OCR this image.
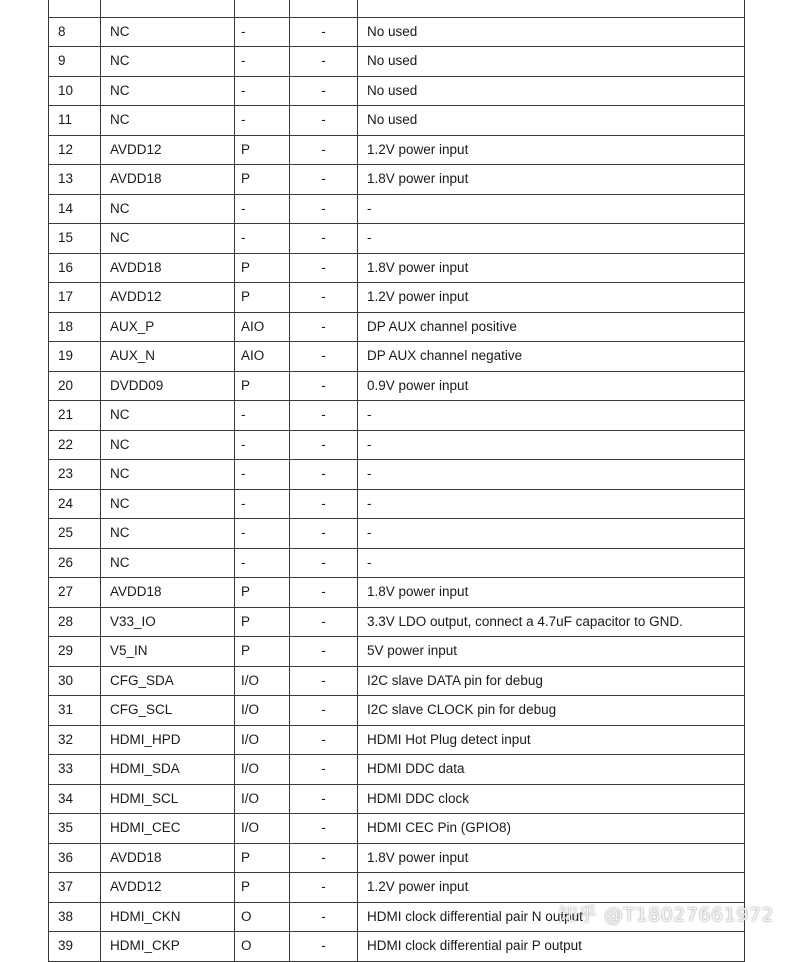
8	NC	-	-	No used
9	NC	-	-	No used
10	NC	-	-	No used
11	NC	-	-	No used
12	AVDD12	P	-	1.2V power input
13	AVDD18	P	-	1.8V power input
14	NC	-	-	-
15	NC	-	-	-
16	AVDD18	P	-	1.8V power input
17	AVDD12	P	-	1.2V power input
18	AUX_P	AIO	-	DP AUX channel positive
19	AUX_N	AIO	-	DP AUX channel negative
20	DVDD09	P	-	0.9V power input
21	NC	-	-	-
22	NC	-	-	-
23	NC	-	-	-
24	NC	-	-	-
25	NC	-	-	-
26	NC	-	-	-
27	AVDD18	P	-	1.8V power input
28	V33_IO	P	-	3.3V LDO output, connect a 4.7uF capacitor to GND.
29	V5_IN	P	-	5V power input
30	CFG_SDA	I/O	-	I2C slave DATA pin for debug
31	CFG_SCL	I/O	-	I2C slave CLOCK pin for debug
32	HDMI_HPD	I/O	-	HDMI Hot Plug detect input
33	HDMI_SDA	I/O	-	HDMI DDC data
34	HDMI_SCL	I/O	-	HDMI DDC clock
35	HDMI_CEC	I/O	-	HDMI CEC Pin (GPIO8)
36	AVDD18	P	-	1.8V power input
37	AVDD12	P	-	1.2V power input
38	HDMI_CKN	O	-	HDMI clock differential pair N output
39	HDMI_CKP	O	-	HDMI clock differential pair P output
知乎 @T18027661972
